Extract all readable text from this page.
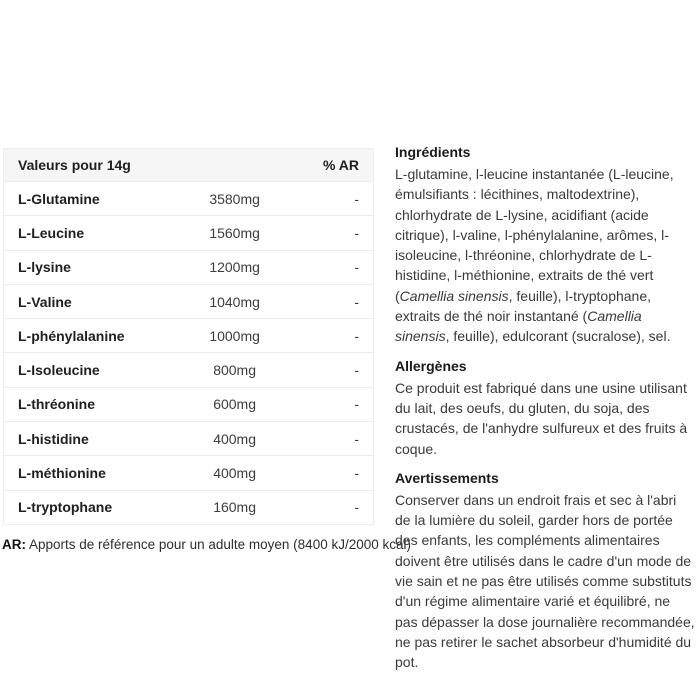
Valeurs pour 14g	% AR
L-Glutamine	3580mg	-
L-Leucine	1560mg	-
L-lysine	1200mg	-
L-Valine	1040mg	-
L-phénylalanine	1000mg	-
L-Isoleucine	800mg	-
L-thréonine	600mg	-
L-histidine	400mg	-
L-méthionine	400mg	-
L-tryptophane	160mg	-

AR: Apports de référence pour un adulte moyen (8400 kJ/2000 kcal)

Ingrédients

L-glutamine, l-leucine instantanée (L-leucine, émulsifiants : lécithines, maltodextrine), chlorhydrate de L-lysine, acidifiant (acide citrique), l-valine, l-phénylalanine, arômes, l-isoleucine, l-thréonine, chlorhydrate de L-histidine, l-méthionine, extraits de thé vert (Camellia sinensis, feuille), l-tryptophane, extraits de thé noir instantané (Camellia sinensis, feuille), edulcorant (sucralose), sel.

Allergènes

Ce produit est fabriqué dans une usine utilisant du lait, des oeufs, du gluten, du soja, des crustacés, de l'anhydre sulfureux et des fruits à coque.

Avertissements

Conserver dans un endroit frais et sec à l'abri de la lumière du soleil, garder hors de portée des enfants, les compléments alimentaires doivent être utilisés dans le cadre d'un mode de vie sain et ne pas être utilisés comme substituts d'un régime alimentaire varié et équilibré, ne pas dépasser la dose journalière recommandée, ne pas retirer le sachet absorbeur d'humidité du pot.
